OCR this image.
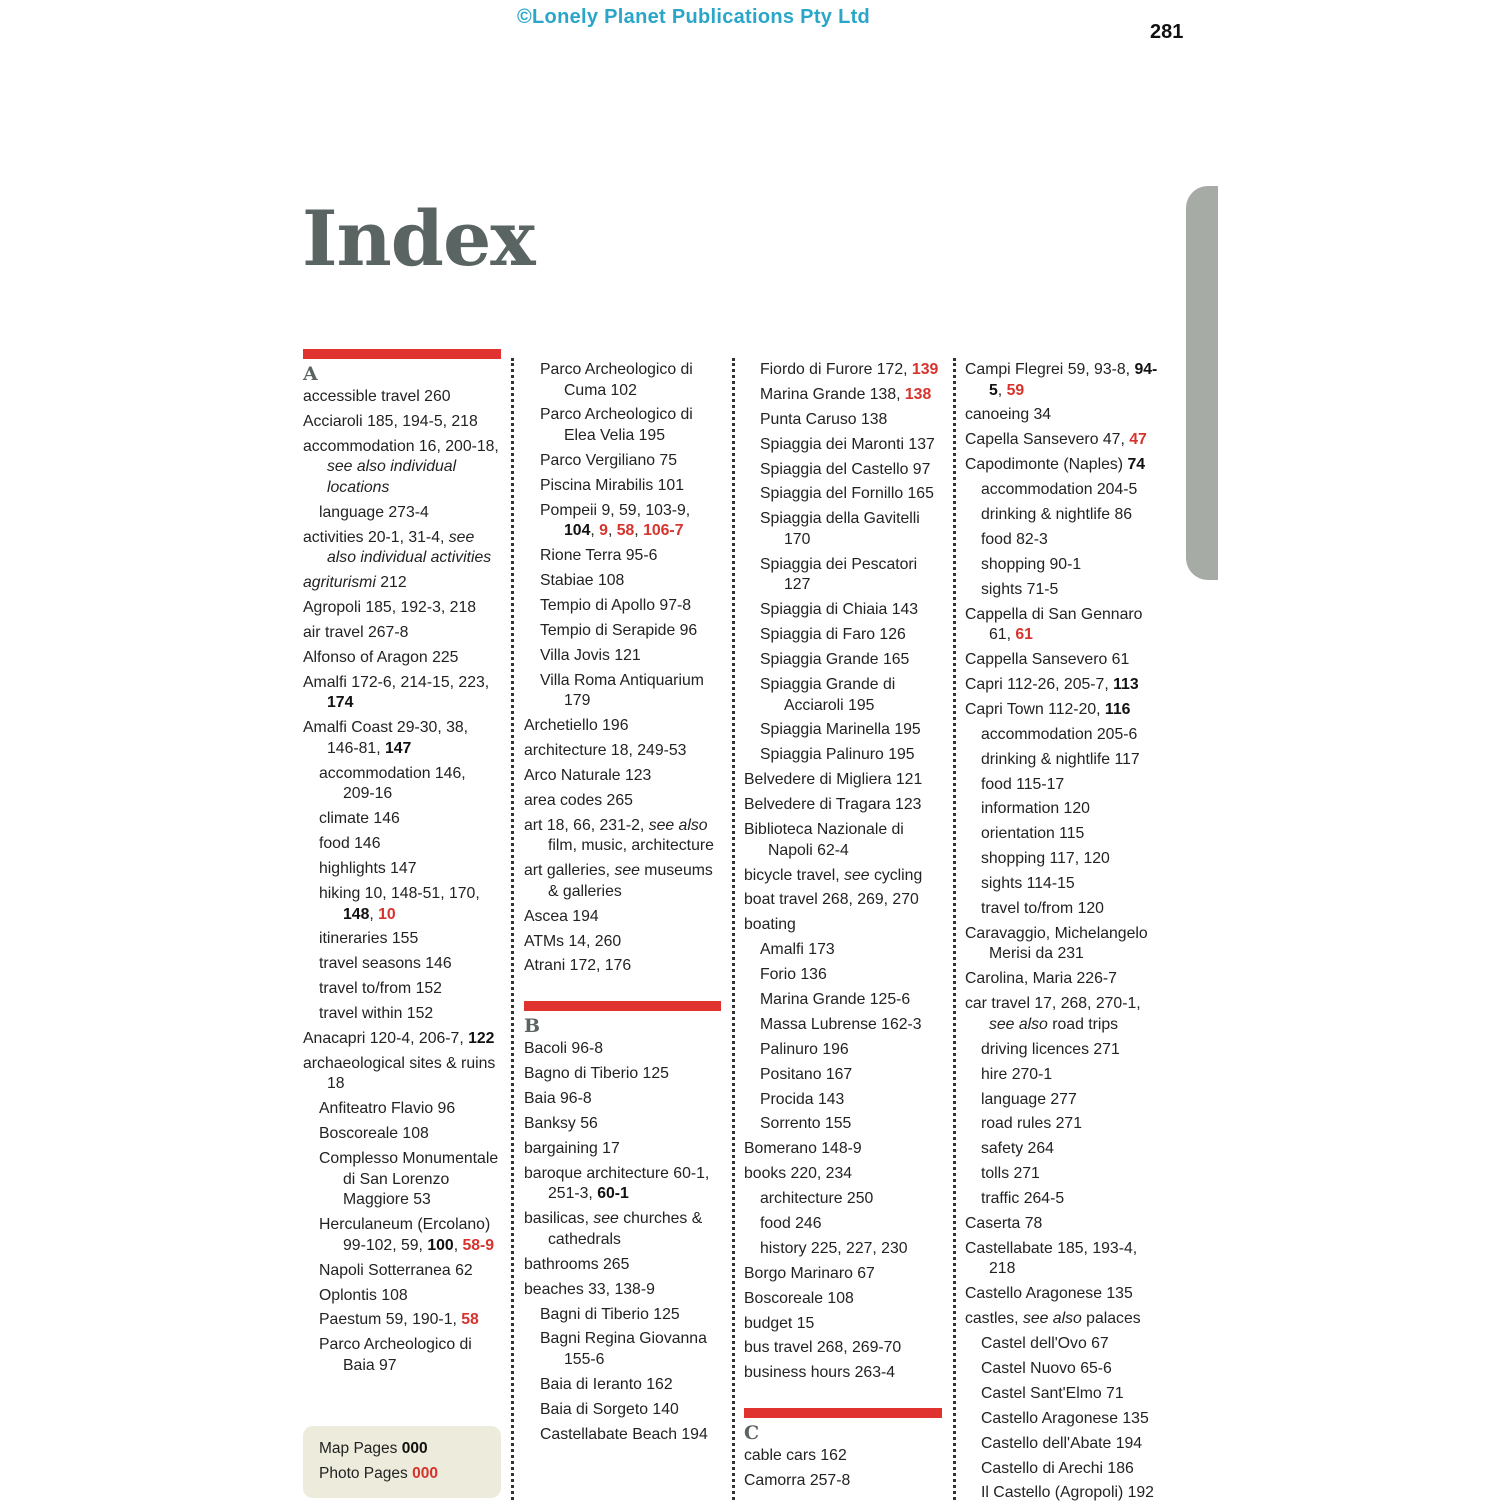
©Lonely Planet Publications Pty Ltd
281
Index
A
accessible travel 260
Acciaroli 185, 194-5, 218
accommodation 16, 200-18, see also individual locations
language 273-4
activities 20-1, 31-4, see also individual activities
agriturismi 212
Agropoli 185, 192-3, 218
air travel 267-8
Alfonso of Aragon 225
Amalfi 172-6, 214-15, 223, 174
Amalfi Coast 29-30, 38, 146-81, 147
accommodation 146, 209-16
climate 146
food 146
highlights 147
hiking 10, 148-51, 170, 148, 10
itineraries 155
travel seasons 146
travel to/from 152
travel within 152
Anacapri 120-4, 206-7, 122
archaeological sites & ruins 18
Anfiteatro Flavio 96
Boscoreale 108
Complesso Monumentale di San Lorenzo Maggiore 53
Herculaneum (Ercolano) 99-102, 59, 100, 58-9
Napoli Sotterranea 62
Oplontis 108
Paestum 59, 190-1, 58
Parco Archeologico di Baia 97
Parco Archeologico di Cuma 102
Parco Archeologico di Elea Velia 195
Parco Vergiliano 75
Piscina Mirabilis 101
Pompeii 9, 59, 103-9, 104, 9, 58, 106-7
Rione Terra 95-6
Stabiae 108
Tempio di Apollo 97-8
Tempio di Serapide 96
Villa Jovis 121
Villa Roma Antiquarium 179
Archetiello 196
architecture 18, 249-53
Arco Naturale 123
area codes 265
art 18, 66, 231-2, see also film, music, architecture
art galleries, see museums & galleries
Ascea 194
ATMs 14, 260
Atrani 172, 176
B
Bacoli 96-8
Bagno di Tiberio 125
Baia 96-8
Banksy 56
bargaining 17
baroque architecture 60-1, 251-3, 60-1
basilicas, see churches & cathedrals
bathrooms 265
beaches 33, 138-9
Bagni di Tiberio 125
Bagni Regina Giovanna 155-6
Baia di Ieranto 162
Baia di Sorgeto 140
Castellabate Beach 194
Fiordo di Furore 172, 139
Marina Grande 138, 138
Punta Caruso 138
Spiaggia dei Maronti 137
Spiaggia del Castello 97
Spiaggia del Fornillo 165
Spiaggia della Gavitelli 170
Spiaggia dei Pescatori 127
Spiaggia di Chiaia 143
Spiaggia di Faro 126
Spiaggia Grande 165
Spiaggia Grande di Acciaroli 195
Spiaggia Marinella 195
Spiaggia Palinuro 195
Belvedere di Migliera 121
Belvedere di Tragara 123
Biblioteca Nazionale di Napoli 62-4
bicycle travel, see cycling
boat travel 268, 269, 270
boating
Amalfi 173
Forio 136
Marina Grande 125-6
Massa Lubrense 162-3
Palinuro 196
Positano 167
Procida 143
Sorrento 155
Bomerano 148-9
books 220, 234
architecture 250
food 246
history 225, 227, 230
Borgo Marinaro 67
Boscoreale 108
budget 15
bus travel 268, 269-70
business hours 263-4
C
cable cars 162
Camorra 257-8
Campi Flegrei 59, 93-8, 94-5, 59
canoeing 34
Capella Sansevero 47, 47
Capodimonte (Naples) 74
accommodation 204-5
drinking & nightlife 86
food 82-3
shopping 90-1
sights 71-5
Cappella di San Gennaro 61, 61
Cappella Sansevero 61
Capri 112-26, 205-7, 113
Capri Town 112-20, 116
accommodation 205-6
drinking & nightlife 117
food 115-17
information 120
orientation 115
shopping 117, 120
sights 114-15
travel to/from 120
Caravaggio, Michelangelo Merisi da 231
Carolina, Maria 226-7
car travel 17, 268, 270-1, see also road trips
driving licences 271
hire 270-1
language 277
road rules 271
safety 264
tolls 271
traffic 264-5
Caserta 78
Castellabate 185, 193-4, 218
Castello Aragonese 135
castles, see also palaces
Castel dell'Ovo 67
Castel Nuovo 65-6
Castel Sant'Elmo 71
Castello Aragonese 135
Castello dell'Abate 194
Castello di Arechi 186
Il Castello (Agropoli) 192
Map Pages 000
Photo Pages 000
